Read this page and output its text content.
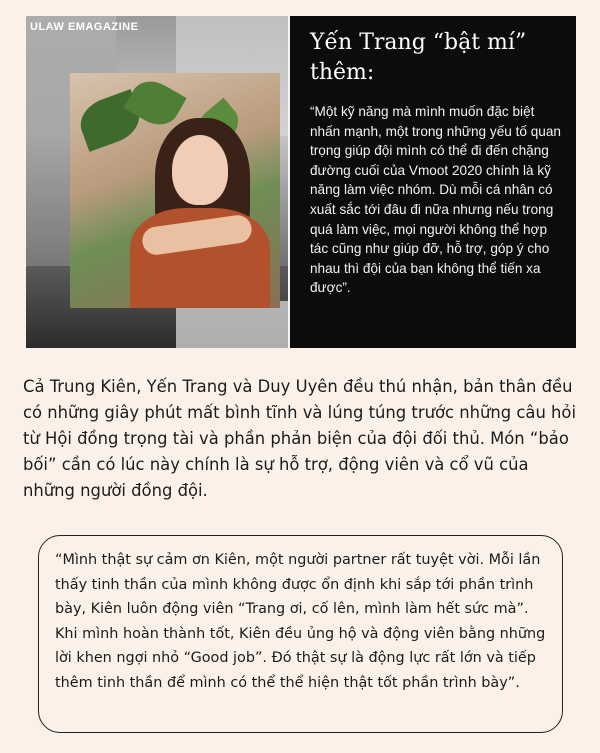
Yến Trang “bật mí” thêm:
“Một kỹ năng mà mình muốn đặc biệt nhấn mạnh, một trong những yếu tố quan trọng giúp đội mình có thể đi đến chặng đường cuối của Vmoot 2020 chính là kỹ năng làm việc nhóm. Dù mỗi cá nhân có xuất sắc tới đâu đi nữa nhưng nếu trong quá làm việc, mọi người không thể hợp tác cũng như giúp đỡ, hỗ trợ, góp ý cho nhau thì đội của bạn không thể tiến xa được”.
ULAW EMAGAZINE
Cả Trung Kiên, Yến Trang và Duy Uyên đều thú nhận, bản thân đều có những giây phút mất bình tĩnh và lúng túng trước những câu hỏi từ Hội đồng trọng tài và phần phản biện của đội đối thủ. Món “bảo bối” cần có lúc này chính là sự hỗ trợ, động viên và cổ vũ của những người đồng đội.
“Mình thật sự cảm ơn Kiên, một người partner rất tuyệt vời. Mỗi lần thấy tinh thần của mình không được ổn định khi sắp tới phần trình bày, Kiên luôn động viên “Trang ơi, cố lên, mình làm hết sức mà”. Khi mình hoàn thành tốt, Kiên đều ủng hộ và động viên bằng những lời khen ngợi nhỏ “Good job”. Đó thật sự là động lực rất lớn và tiếp thêm tinh thần để mình có thể thể hiện thật tốt phần trình bày”.
